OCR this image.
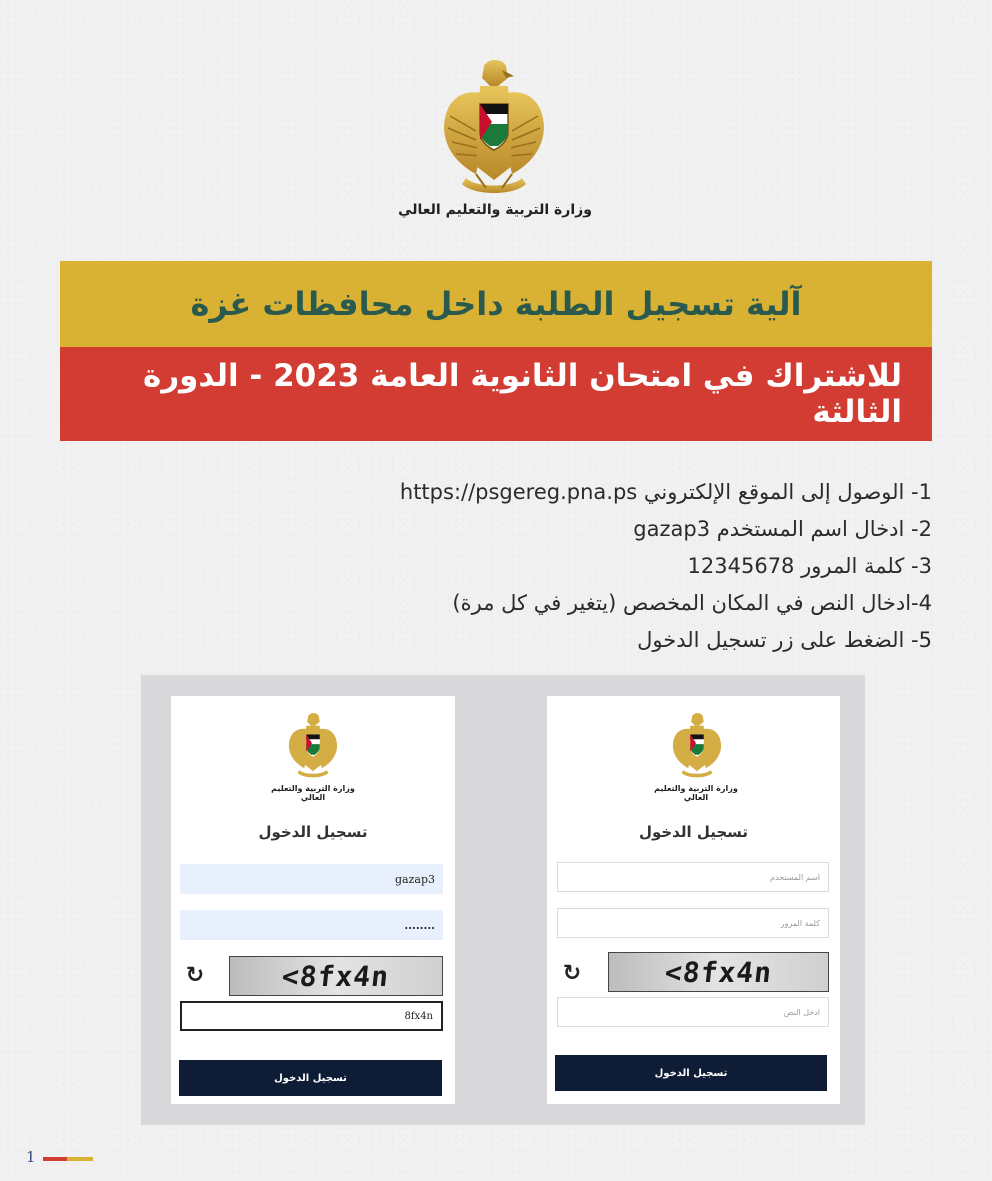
وزارة التربية والتعليم العالي
آلية تسجيل الطلبة داخل محافظات غزة
للاشتراك في امتحان الثانوية العامة 2023 - الدورة الثالثة
1- الوصول إلى الموقع الإلكتروني https://psgereg.pna.ps
2- ادخال اسم المستخدم gazap3
3- كلمة المرور 12345678
4-ادخال النص في المكان المخصص (يتغير في كل مرة)
5- الضغط على زر تسجيل الدخول
وزارة التربية والتعليم العالي
تسجيل الدخول
gazap3
........
↻	<8fx4n
8fx4n
تسجيل الدخول
وزارة التربية والتعليم العالي
تسجيل الدخول
اسم المستخدم
كلمة المرور
↻	<8fx4n
ادخل النص
تسجيل الدخول
1
